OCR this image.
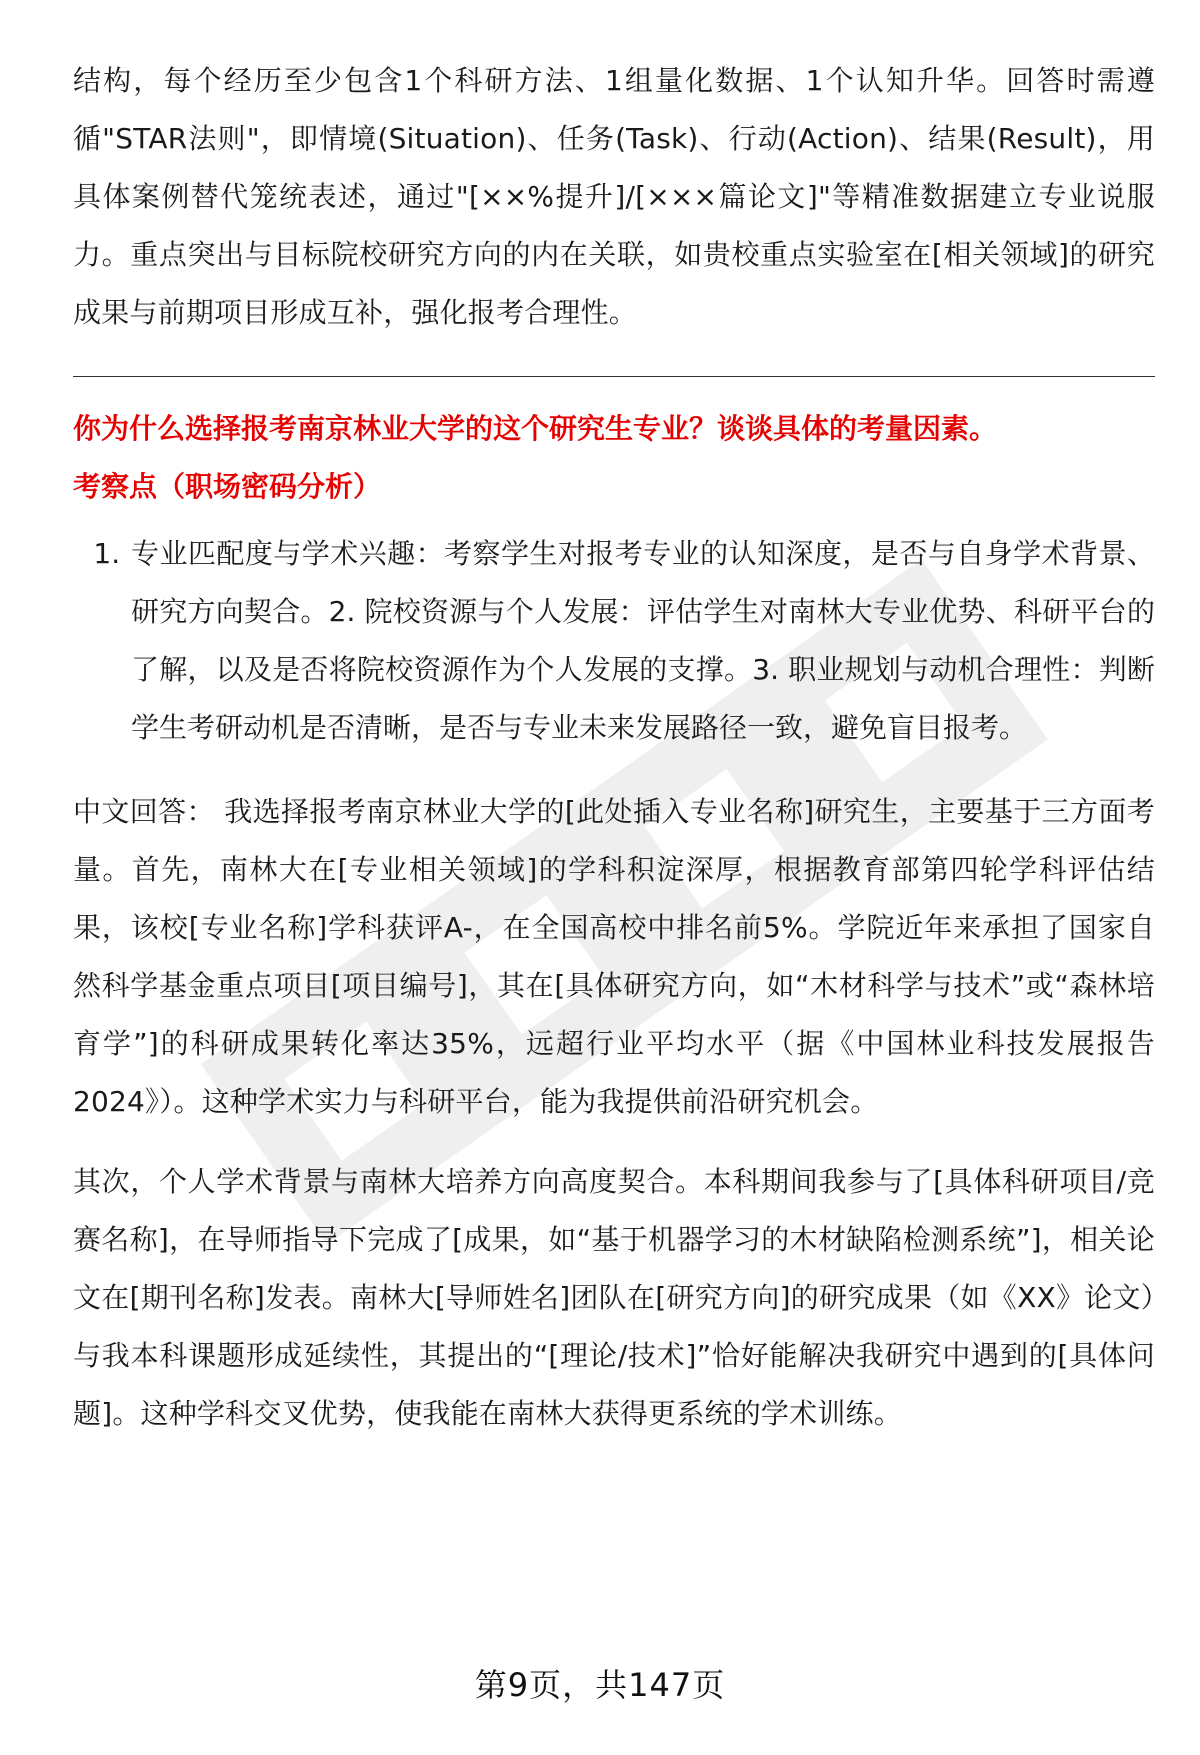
结构，每个经历至少包含1个科研方法、1组量化数据、1个认知升华。回答时需遵循"STAR法则"，即情境(Situation)、任务(Task)、行动(Action)、结果(Result)，用具体案例替代笼统表述，通过"[××%提升]/[×××篇论文]"等精准数据建立专业说服力。重点突出与目标院校研究方向的内在关联，如贵校重点实验室在[相关领域]的研究成果与前期项目形成互补，强化报考合理性。

你为什么选择报考南京林业大学的这个研究生专业？谈谈具体的考量因素。
考察点（职场密码分析）
1. 专业匹配度与学术兴趣：考察学生对报考专业的认知深度，是否与自身学术背景、研究方向契合。2. 院校资源与个人发展：评估学生对南林大专业优势、科研平台的了解，以及是否将院校资源作为个人发展的支撑。3. 职业规划与动机合理性：判断学生考研动机是否清晰，是否与专业未来发展路径一致，避免盲目报考。

中文回答： 我选择报考南京林业大学的[此处插入专业名称]研究生，主要基于三方面考量。首先，南林大在[专业相关领域]的学科积淀深厚，根据教育部第四轮学科评估结果，该校[专业名称]学科获评A-，在全国高校中排名前5%。学院近年来承担了国家自然科学基金重点项目[项目编号]，其在[具体研究方向，如“木材科学与技术”或“森林培育学”]的科研成果转化率达35%，远超行业平均水平（据《中国林业科技发展报告2024》）。这种学术实力与科研平台，能为我提供前沿研究机会。

其次，个人学术背景与南林大培养方向高度契合。本科期间我参与了[具体科研项目/竞赛名称]，在导师指导下完成了[成果，如“基于机器学习的木材缺陷检测系统”]，相关论文在[期刊名称]发表。南林大[导师姓名]团队在[研究方向]的研究成果（如《XX》论文）与我本科课题形成延续性，其提出的“[理论/技术]”恰好能解决我研究中遇到的[具体问题]。这种学科交叉优势，使我能在南林大获得更系统的学术训练。

第9页，共147页
